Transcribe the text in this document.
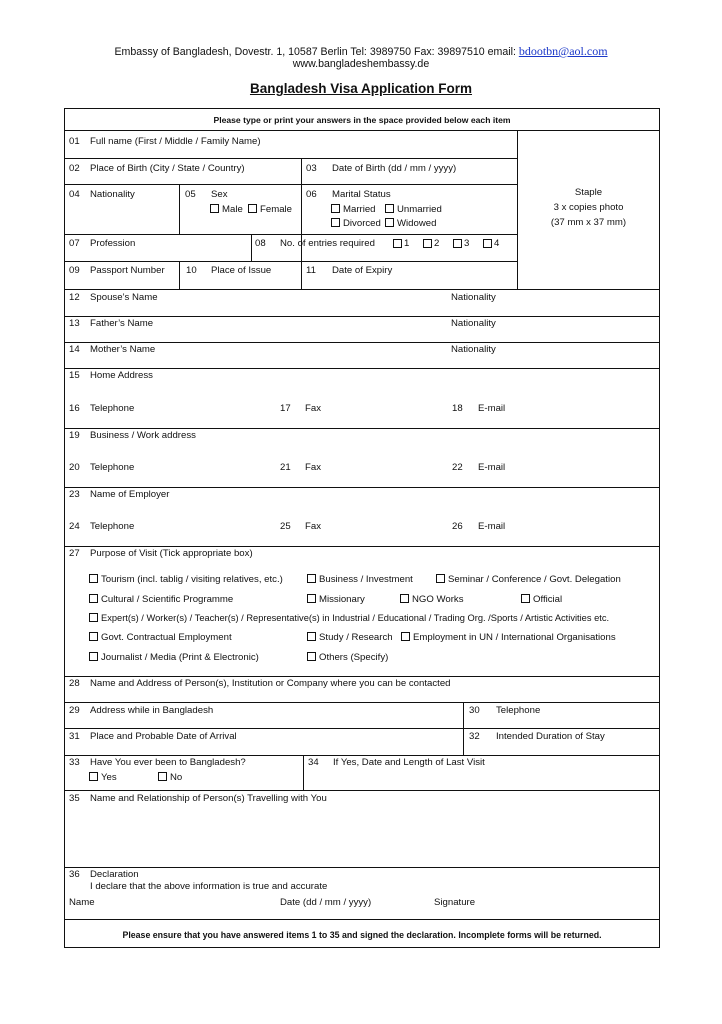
Embassy of Bangladesh, Dovestr. 1, 10587 Berlin Tel: 3989750 Fax: 39897510 email: bdootbn@aol.com
www.bangladeshembassy.de
Bangladesh Visa Application Form
Please type or print your answers in the space provided below each item
Staple
3 x copies photo
(37 mm x 37 mm)
01 Full name (First / Middle / Family Name)
02 Place of Birth (City / State / Country)	03 Date of Birth (dd / mm / yyyy)
04 Nationality	05 Sex
Male Female
06 Marital Status
Married Unmarried
Divorced Widowed
07 Profession	08 No. of entries required	1	2	3	4
09 Passport Number 10 Place of Issue	11 Date of Expiry
12 Spouse’s Name	Nationality
13 Father’s Name	Nationality
14 Mother’s Name	Nationality
15 Home Address
16 Telephone	17 Fax	18 E-mail
19 Business / Work address
20 Telephone	21 Fax	22 E-mail
23 Name of Employer
24 Telephone	25 Fax	26 E-mail
27 Purpose of Visit (Tick appropriate box)
Tourism (incl. tablig / visiting relatives, etc.)	Business / Investment	Seminar / Conference / Govt. Delegation
Cultural / Scientific Programme	Missionary	NGO Works	Official
Expert(s) / Worker(s) / Teacher(s) / Representative(s) in Industrial / Educational / Trading Org. /Sports / Artistic Activities etc.
Govt. Contractual Employment	Study / Research Employment in UN / International Organisations
Journalist / Media (Print & Electronic)	Others (Specify)
28 Name and Address of Person(s), Institution or Company where you can be contacted
29 Address while in Bangladesh	30 Telephone
31 Place and Probable Date of Arrival	32 Intended Duration of Stay
33 Have You ever been to Bangladesh?
Yes	No
34 If Yes, Date and Length of Last Visit
35 Name and Relationship of Person(s) Travelling with You
36 Declaration
I declare that the above information is true and accurate
Name	Date (dd / mm / yyyy)	Signature
Please ensure that you have answered items 1 to 35 and signed the declaration. Incomplete forms will be returned.
